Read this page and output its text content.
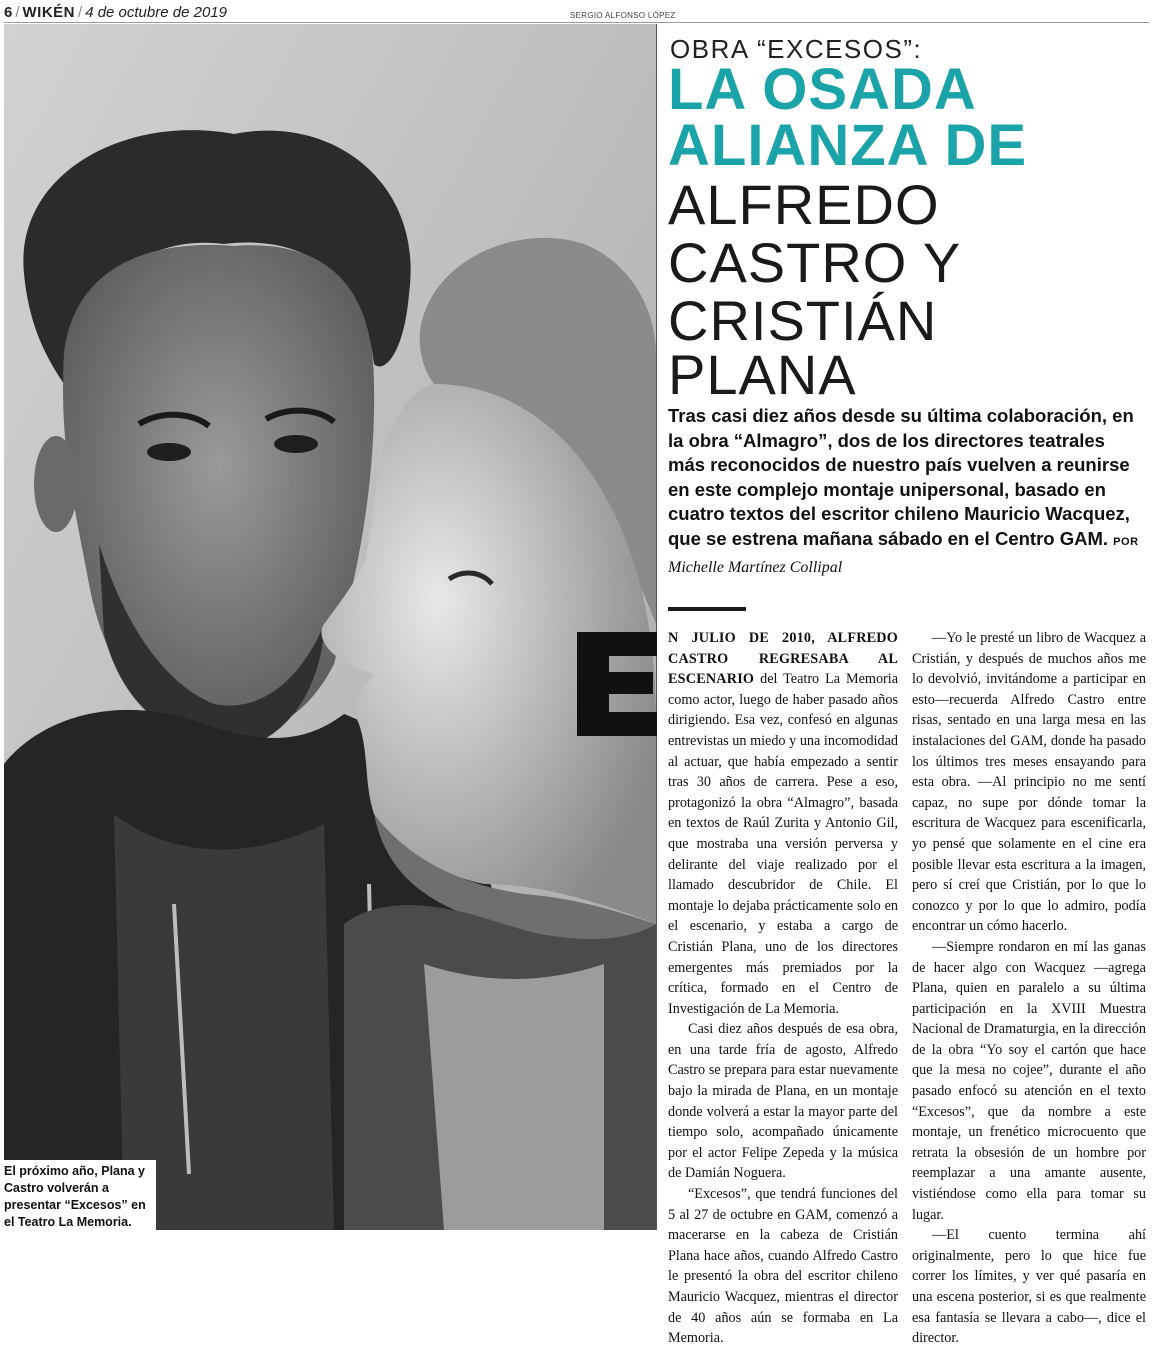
6 / WIKÉN / 4 de octubre de 2019	SERGIO ALFONSO LÓPEZ
El próximo año, Plana y Castro volverán a presentar “Excesos” en el Teatro La Memoria.
OBRA “EXCESOS”:
LA OSADA
ALIANZA DE
ALFREDO
CASTRO Y
CRISTIÁN
PLANA
Tras casi diez años desde su última colaboración, en la obra “Almagro”, dos de los directores teatrales más reconocidos de nuestro país vuelven a reunirse en este complejo montaje unipersonal, basado en cuatro textos del escritor chileno Mauricio Wacquez, que se estrena mañana sábado en el Centro GAM. POR Michelle Martínez Collipal

N JULIO DE 2010, ALFREDO CASTRO REGRESABA AL ESCENARIO del Teatro La Memoria como actor, luego de haber pasado años dirigiendo. Esa vez, confesó en algunas entrevistas un miedo y una incomodidad al actuar, que había empezado a sentir tras 30 años de carrera. Pese a eso, protagonizó la obra “Almagro”, basada en textos de Raúl Zurita y Antonio Gil, que mostraba una versión perversa y delirante del viaje realizado por el llamado descubridor de Chile. El montaje lo dejaba prácticamente solo en el escenario, y estaba a cargo de Cristián Plana, uno de los directores emergentes más premiados por la crítica, formado en el Centro de Investigación de La Memoria.

Casi diez años después de esa obra, en una tarde fría de agosto, Alfredo Castro se prepara para estar nuevamente bajo la mirada de Plana, en un montaje donde volverá a estar la mayor parte del tiempo solo, acompañado únicamente por el actor Felipe Zepeda y la música de Damián Noguera.

“Excesos”, que tendrá funciones del 5 al 27 de octubre en GAM, comenzó a macerarse en la cabeza de Cristián Plana hace años, cuando Alfredo Castro le presentó la obra del escritor chileno Mauricio Wacquez, mientras el director de 40 años aún se formaba en La Memoria.

—Yo le presté un libro de Wacquez a Cristián, y después de muchos años me lo devolvió, invitándome a participar en esto—recuerda Alfredo Castro entre risas, sentado en una larga mesa en las instalaciones del GAM, donde ha pasado los últimos tres meses ensayando para esta obra. —Al principio no me sentí capaz, no supe por dónde tomar la escritura de Wacquez para escenificarla, yo pensé que solamente en el cine era posible llevar esta escritura a la imagen, pero sí creí que Cristián, por lo que lo conozco y por lo que lo admiro, podía encontrar un cómo hacerlo.

—Siempre rondaron en mí las ganas de hacer algo con Wacquez —agrega Plana, quien en paralelo a su última participación en la XVIII Muestra Nacional de Dramaturgia, en la dirección de la obra “Yo soy el cartón que hace que la mesa no cojee”, durante el año pasado enfocó su atención en el texto “Excesos”, que da nombre a este montaje, un frenético microcuento que retrata la obsesión de un hombre por reemplazar a una amante ausente, vistiéndose como ella para tomar su lugar.

—El cuento termina ahí originalmente, pero lo que hice fue correr los límites, y ver qué pasaría en una escena posterior, si es que realmente esa fantasía se llevara a cabo—, dice el director.
